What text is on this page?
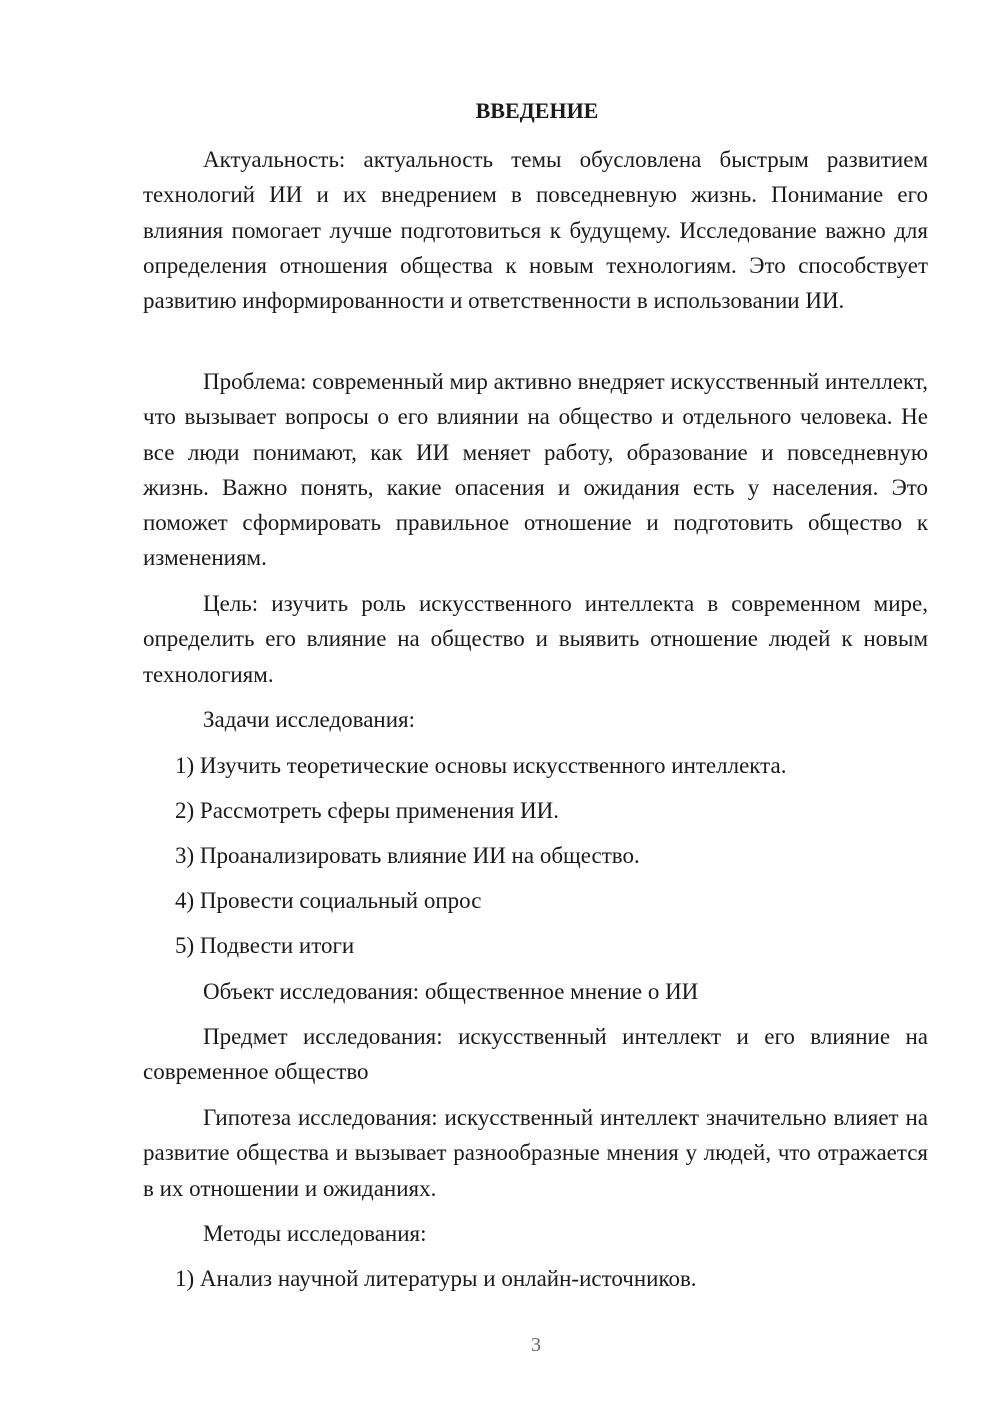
ВВЕДЕНИЕ

Актуальность: актуальность темы обусловлена быстрым развитием технологий ИИ и их внедрением в повседневную жизнь. Понимание его влияния помогает лучше подготовиться к будущему. Исследование важно для определения отношения общества к новым технологиям. Это способствует развитию информированности и ответственности в использовании ИИ.

Проблема: современный мир активно внедряет искусственный интеллект, что вызывает вопросы о его влиянии на общество и отдельного человека. Не все люди понимают, как ИИ меняет работу, образование и повседневную жизнь. Важно понять, какие опасения и ожидания есть у населения. Это поможет сформировать правильное отношение и подготовить общество к изменениям.

Цель: изучить роль искусственного интеллекта в современном мире, определить его влияние на общество и выявить отношение людей к новым технологиям.

Задачи исследования:

1) Изучить теоретические основы искусственного интеллекта.

2) Рассмотреть сферы применения ИИ.

3) Проанализировать влияние ИИ на общество.

4) Провести социальный опрос

5) Подвести итоги

Объект исследования: общественное мнение о ИИ

Предмет исследования: искусственный интеллект и его влияние на современное общество

Гипотеза исследования: искусственный интеллект значительно влияет на развитие общества и вызывает разнообразные мнения у людей, что отражается в их отношении и ожиданиях.

Методы исследования:

1) Анализ научной литературы и онлайн-источников.

3
